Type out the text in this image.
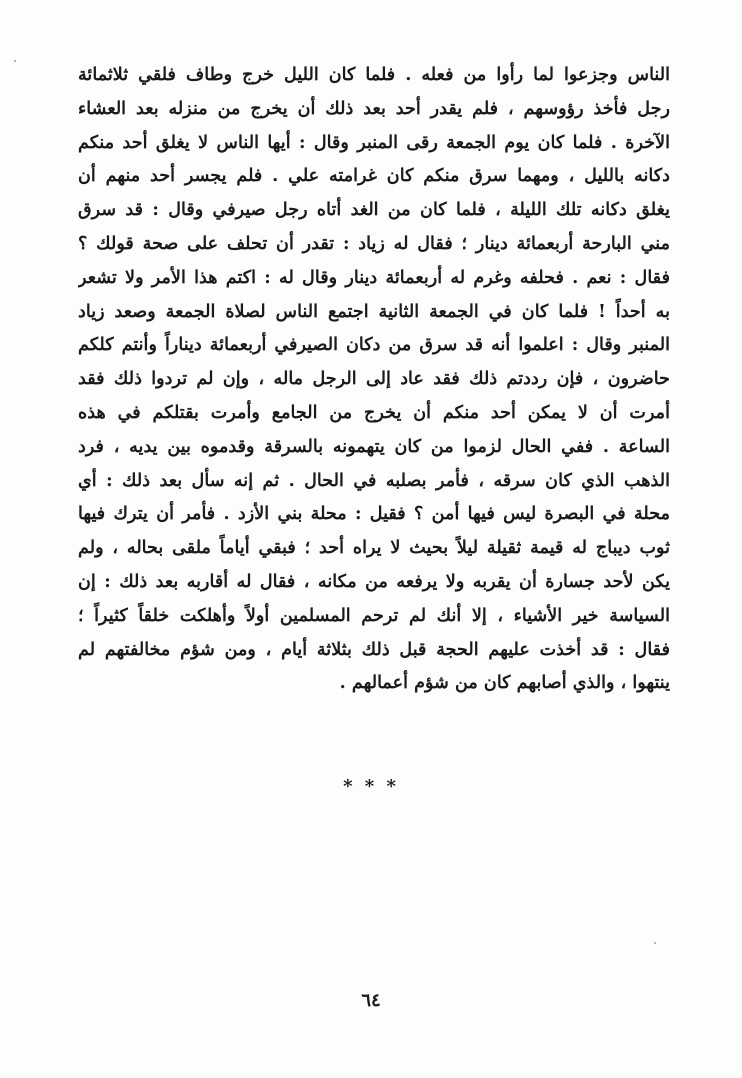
الناس وجزعوا لما رأوا من فعله . فلما كان الليل خرج وطاف فلقي ثلاثمائة
رجل فأخذ رؤوسهم ، فلم يقدر أحد بعد ذلك أن يخرج من منزله بعد العشاء
الآخرة . فلما كان يوم الجمعة رقى المنبر وقال : أيها الناس لا يغلق أحد منكم
دكانه بالليل ، ومهما سرق منكم كان غرامته علي . فلم يجسر أحد منهم أن
يغلق دكانه تلك الليلة ، فلما كان من الغد أتاه رجل صيرفي وقال : قد سرق
مني البارحة أربعمائة دينار ؛ فقال له زياد : تقدر أن تحلف على صحة قولك ؟
فقال : نعم . فحلفه وغرم له أربعمائة دينار وقال له : اكتم هذا الأمر ولا تشعر
به أحداً ! فلما كان في الجمعة الثانية اجتمع الناس لصلاة الجمعة وصعد زياد
المنبر وقال : اعلموا أنه قد سرق من دكان الصيرفي أربعمائة ديناراً وأنتم كلكم
حاضرون ، فإن رددتم ذلك فقد عاد إلى الرجل ماله ، وإن لم تردوا ذلك فقد
أمرت أن لا يمكن أحد منكم أن يخرج من الجامع وأمرت بقتلكم في هذه
الساعة . ففي الحال لزموا من كان يتهمونه بالسرقة وقدموه بين يديه ، فرد
الذهب الذي كان سرقه ، فأمر بصلبه في الحال . ثم إنه سأل بعد ذلك : أي
محلة في البصرة ليس فيها أمن ؟ فقيل : محلة بني الأزد . فأمر أن يترك فيها
ثوب ديباج له قيمة ثقيلة ليلاً بحيث لا يراه أحد ؛ فبقي أياماً ملقى بحاله ، ولم
يكن لأحد جسارة أن يقربه ولا يرفعه من مكانه ، فقال له أقاربه بعد ذلك : إن
السياسة خير الأشياء ، إلا أنك لم ترحم المسلمين أولاً وأهلكت خلقاً كثيراً ؛
فقال : قد أخذت عليهم الحجة قبل ذلك بثلاثة أيام ، ومن شؤم مخالفتهم لم
ينتهوا ، والذي أصابهم كان من شؤم أعمالهم .
* * *
٦٤
